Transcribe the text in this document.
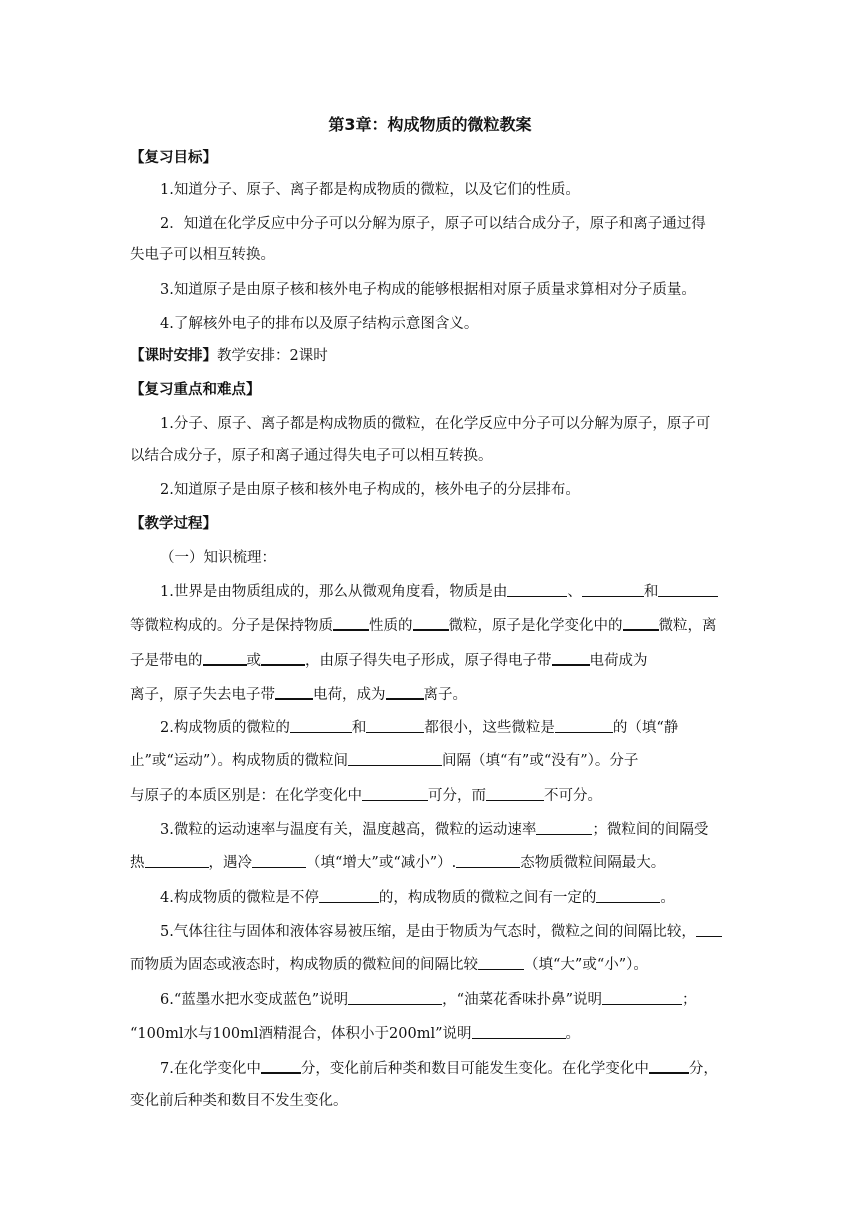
第3章：构成物质的微粒教案
【复习目标】
1.知道分子、原子、离子都是构成物质的微粒，以及它们的性质。
2．知道在化学反应中分子可以分解为原子，原子可以结合成分子，原子和离子通过得
失电子可以相互转换。
3.知道原子是由原子核和核外电子构成的能够根据相对原子质量求算相对分子质量。
4.了解核外电子的排布以及原子结构示意图含义。
【课时安排】教学安排：2课时
【复习重点和难点】
1.分子、原子、离子都是构成物质的微粒，在化学反应中分子可以分解为原子，原子可
以结合成分子，原子和离子通过得失电子可以相互转换。
2.知道原子是由原子核和核外电子构成的，核外电子的分层排布。
【教学过程】
（一）知识梳理：
1.世界是由物质组成的，那么从微观角度看，物质是由	、	和
等微粒构成的。分子是保持物质 性质的 微粒，原子是化学变化中的 微粒，离
子是带电的	或	，由原子得失电子形成，原子得电子带	电荷成为
离子，原子失去电子带	电荷，成为	离子。
2.构成物质的微粒的	和	都很小，这些微粒是	的（填“静
止”或“运动”）。构成物质的微粒间	间隔（填“有”或“没有”）。分子
与原子的本质区别是：在化学变化中	可分，而	不可分。
3.微粒的运动速率与温度有关，温度越高，微粒的运动速率	；微粒间的间隔受
热	，遇冷	（填“增大”或“减小”）.	态物质微粒间隔最大。
4.构成物质的微粒是不停	的，构成物质的微粒之间有一定的	。
5.气体往往与固体和液体容易被压缩，是由于物质为气态时，微粒之间的间隔比较，
而物质为固态或液态时，构成物质的微粒间的间隔比较	（填“大”或“小”）。
6.“蓝墨水把水变成蓝色”说明	，“油菜花香味扑鼻”说明	；
“100ml水与100ml酒精混合，体积小于200ml”说明	。
7.在化学变化中	分，变化前后种类和数目可能发生变化。在化学变化中	分，
变化前后种类和数目不发生变化。
